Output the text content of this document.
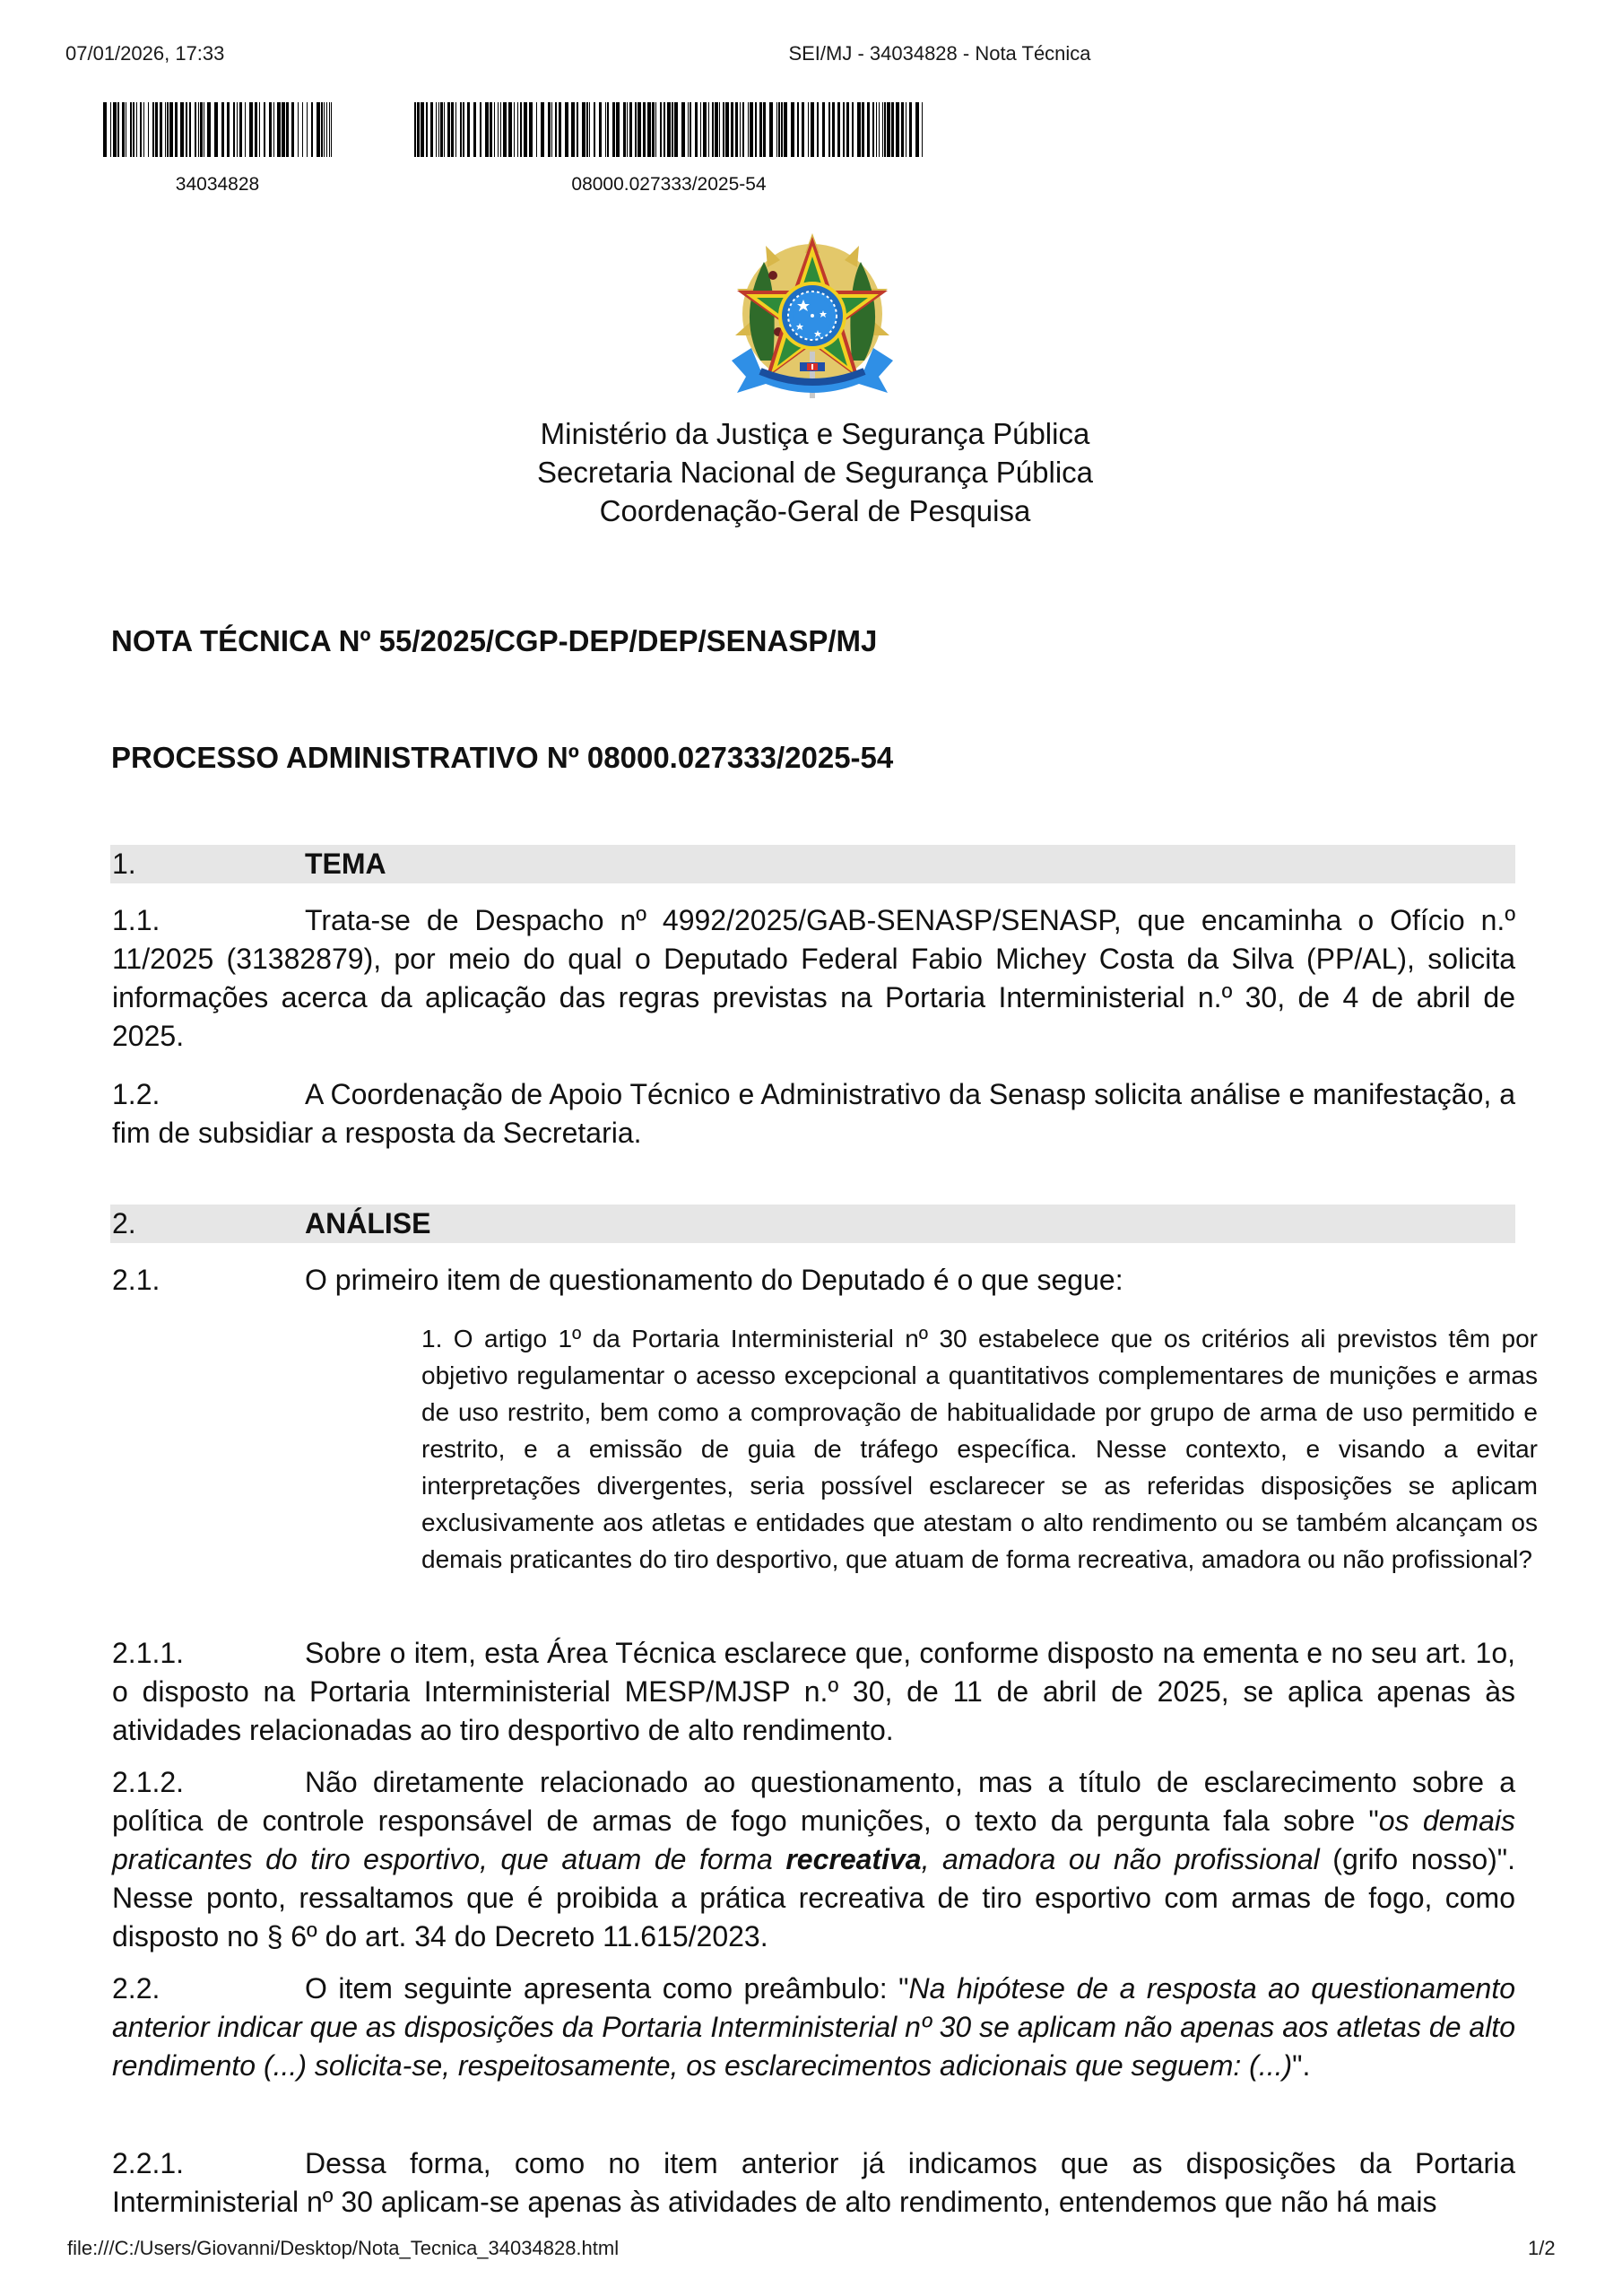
07/01/2026, 17:33	SEI/MJ - 34034828 - Nota Técnica
34034828	08000.027333/2025-54
Ministério da Justiça e Segurança Pública
Secretaria Nacional de Segurança Pública
Coordenação-Geral de Pesquisa
NOTA TÉCNICA Nº 55/2025/CGP-DEP/DEP/SENASP/MJ
PROCESSO ADMINISTRATIVO Nº 08000.027333/2025-54
1.	TEMA
1.1.	Trata-se de Despacho nº 4992/2025/GAB-SENASP/SENASP, que encaminha o Ofício n.º 11/2025 (31382879), por meio do qual o Deputado Federal Fabio Michey Costa da Silva (PP/AL), solicita informações acerca da aplicação das regras previstas na Portaria Interministerial n.º 30, de 4 de abril de 2025.
1.2.	A Coordenação de Apoio Técnico e Administrativo da Senasp solicita análise e manifestação, a fim de subsidiar a resposta da Secretaria.
2.	ANÁLISE
2.1.	O primeiro item de questionamento do Deputado é o que segue:
1. O artigo 1º da Portaria Interministerial nº 30 estabelece que os critérios ali previstos têm por objetivo regulamentar o acesso excepcional a quantitativos complementares de munições e armas de uso restrito, bem como a comprovação de habitualidade por grupo de arma de uso permitido e restrito, e a emissão de guia de tráfego específica. Nesse contexto, e visando a evitar interpretações divergentes, seria possível esclarecer se as referidas disposições se aplicam exclusivamente aos atletas e entidades que atestam o alto rendimento ou se também alcançam os demais praticantes do tiro desportivo, que atuam de forma recreativa, amadora ou não profissional?
2.1.1.	Sobre o item, esta Área Técnica esclarece que, conforme disposto na ementa e no seu art. 1o, o disposto na Portaria Interministerial MESP/MJSP n.º 30, de 11 de abril de 2025, se aplica apenas às atividades relacionadas ao tiro desportivo de alto rendimento.
2.1.2.	Não diretamente relacionado ao questionamento, mas a título de esclarecimento sobre a política de controle responsável de armas de fogo munições, o texto da pergunta fala sobre "os demais praticantes do tiro esportivo, que atuam de forma recreativa, amadora ou não profissional (grifo nosso)". Nesse ponto, ressaltamos que é proibida a prática recreativa de tiro esportivo com armas de fogo, como disposto no § 6º do art. 34 do Decreto 11.615/2023.
2.2.	O item seguinte apresenta como preâmbulo: "Na hipótese de a resposta ao questionamento anterior indicar que as disposições da Portaria Interministerial nº 30 se aplicam não apenas aos atletas de alto rendimento (...) solicita-se, respeitosamente, os esclarecimentos adicionais que seguem: (...)".
2.2.1.	Dessa forma, como no item anterior já indicamos que as disposições da Portaria Interministerial nº 30 aplicam-se apenas às atividades de alto rendimento, entendemos que não há mais
file:///C:/Users/Giovanni/Desktop/Nota_Tecnica_34034828.html	1/2
